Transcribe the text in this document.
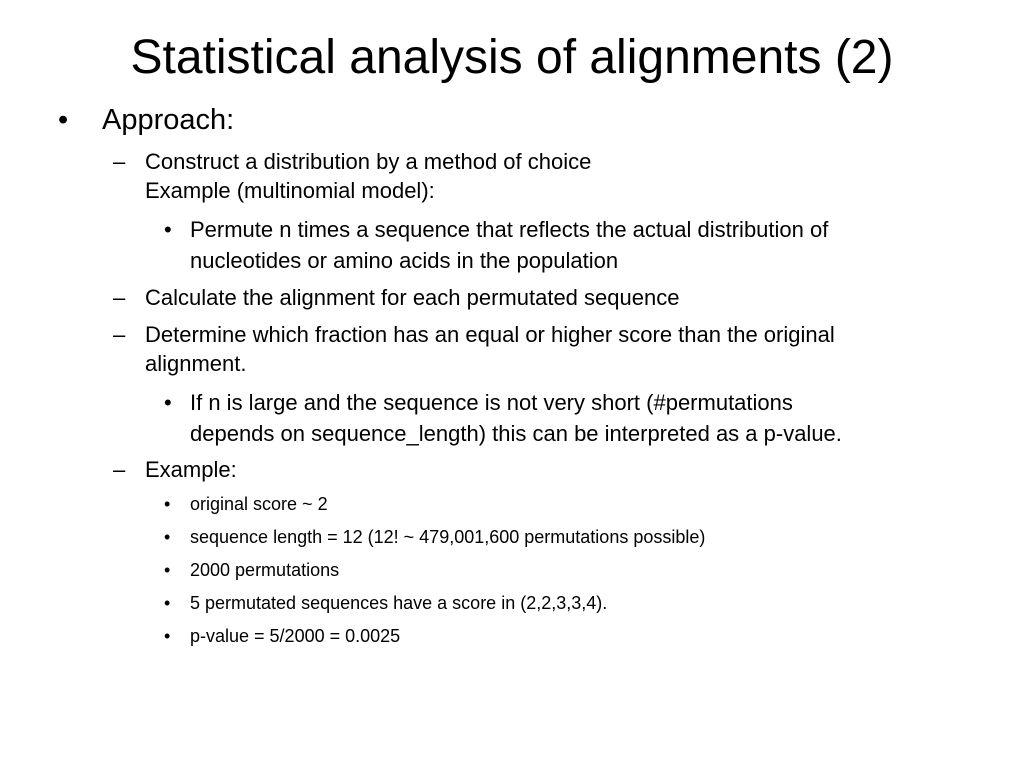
Statistical analysis of alignments (2)
•	Approach:
– Construct a distribution by a method of choice
Example (multinomial model):
• Permute n times a sequence that reflects the actual distribution of
nucleotides or amino acids in the population
– Calculate the alignment for each permutated sequence
– Determine which fraction has an equal or higher score than the original
alignment.
• If n is large and the sequence is not very short (#permutations
depends on sequence_length) this can be interpreted as a p-value.
– Example:
•	original score ~ 2
•	sequence length = 12 (12! ~ 479,001,600 permutations possible)
•	2000 permutations
•	5 permutated sequences have a score in (2,2,3,3,4).
•	p-value = 5/2000 = 0.0025
